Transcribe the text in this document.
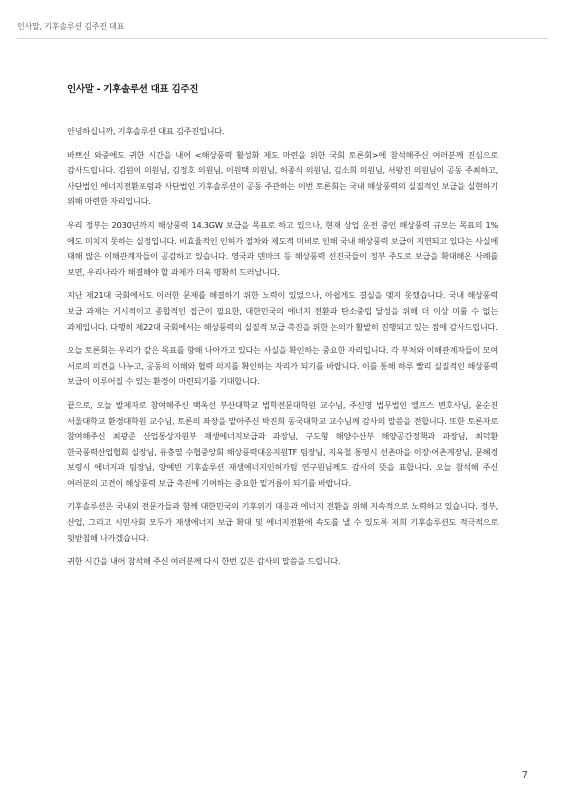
인사말, 기후솔루션 김주진 대표
인사말 - 기후솔루션 대표 김주진

안녕하십니까, 기후솔루션 대표 김주진입니다.

바쁘신 와중에도 귀한 시간을 내어 <해상풍력 활성화 제도 마련을 위한 국회 토론회>에 참석해주신 여러분께 진심으로 감사드립니다. 김원이 의원님, 김정호 의원님, 이원택 의원님, 허종식 의원님, 김소희 의원님, 서왕진 의원님이 공동 주최하고, 사단법인 에너지전환포럼과 사단법인 기후솔루션이 공동 주관하는 이번 토론회는 국내 해상풍력의 실질적인 보급을 실현하기 위해 마련한 자리입니다.

우리 정부는 2030년까지 해상풍력 14.3GW 보급을 목표로 하고 있으나, 현재 상업 운전 중인 해상풍력 규모는 목표의 1%에도 미치지 못하는 실정입니다. 비효율적인 인허가 절차와 제도적 미비로 인해 국내 해상풍력 보급이 지연되고 있다는 사실에 대해 많은 이해관계자들이 공감하고 있습니다. 영국과 덴마크 등 해상풍력 선진국들이 정부 주도로 보급을 확대해온 사례를 보면, 우리나라가 해결해야 할 과제가 더욱 명확히 드러납니다.

지난 제21대 국회에서도 이러한 문제를 해결하기 위한 노력이 있었으나, 아쉽게도 결실을 맺지 못했습니다. 국내 해상풍력 보급 과제는 거시적이고 종합적인 접근이 필요한, 대한민국의 에너지 전환과 탄소중립 달성을 위해 더 이상 미룰 수 없는 과제입니다. 다행히 제22대 국회에서는 해상풍력의 실질적 보급 촉진을 위한 논의가 활발히 진행되고 있는 점에 감사드립니다.

오늘 토론회는 우리가 같은 목표를 향해 나아가고 있다는 사실을 확인하는 중요한 자리입니다. 각 부처와 이해관계자들이 모여 서로의 의견을 나누고, 공동의 이해와 협력 의지를 확인하는 자리가 되기를 바랍니다. 이를 통해 하루 빨리 실질적인 해상풍력 보급이 이루어질 수 있는 환경이 마련되기를 기대합니다.

끝으로, 오늘 발제자로 참여해주신 백옥선 부산대학교 법학전문대학원 교수님, 주신영 법무법인 엘프스 변호사님, 윤순진 서울대학교 환경대학원 교수님, 토론의 좌장을 맡아주신 박진희 동국대학교 교수님께 감사의 말씀을 전합니다. 또한 토론자로 참여해주신 최광준 산업통상자원부 재생에너지보급과 과장님, 구도형 해양수산부 해양공간정책과 과장님, 최덕환 한국풍력산업협회 실장님, 유충열 수협중앙회 해상풍력대응지원TF 팀장님, 지욱철 통영시 선촌마을 이장·어촌계장님, 문혜경 보령시 에너지과 팀장님, 양예빈 기후솔루션 재생에너지인허가팀 연구원님께도 감사의 뜻을 표합니다. 오늘 참석해 주신 여러분의 고견이 해상풍력 보급 촉진에 기여하는 중요한 밑거름이 되기를 바랍니다.

기후솔루션은 국내외 전문가들과 함께 대한민국의 기후위기 대응과 에너지 전환을 위해 지속적으로 노력하고 있습니다. 정부, 산업, 그리고 시민사회 모두가 재생에너지 보급 확대 및 에너지전환에 속도를 낼 수 있도록 저희 기후솔루션도 적극적으로 뒷받침해 나가겠습니다.

귀한 시간을 내어 참석해 주신 여러분께 다시 한번 깊은 감사의 말씀을 드립니다.

7
